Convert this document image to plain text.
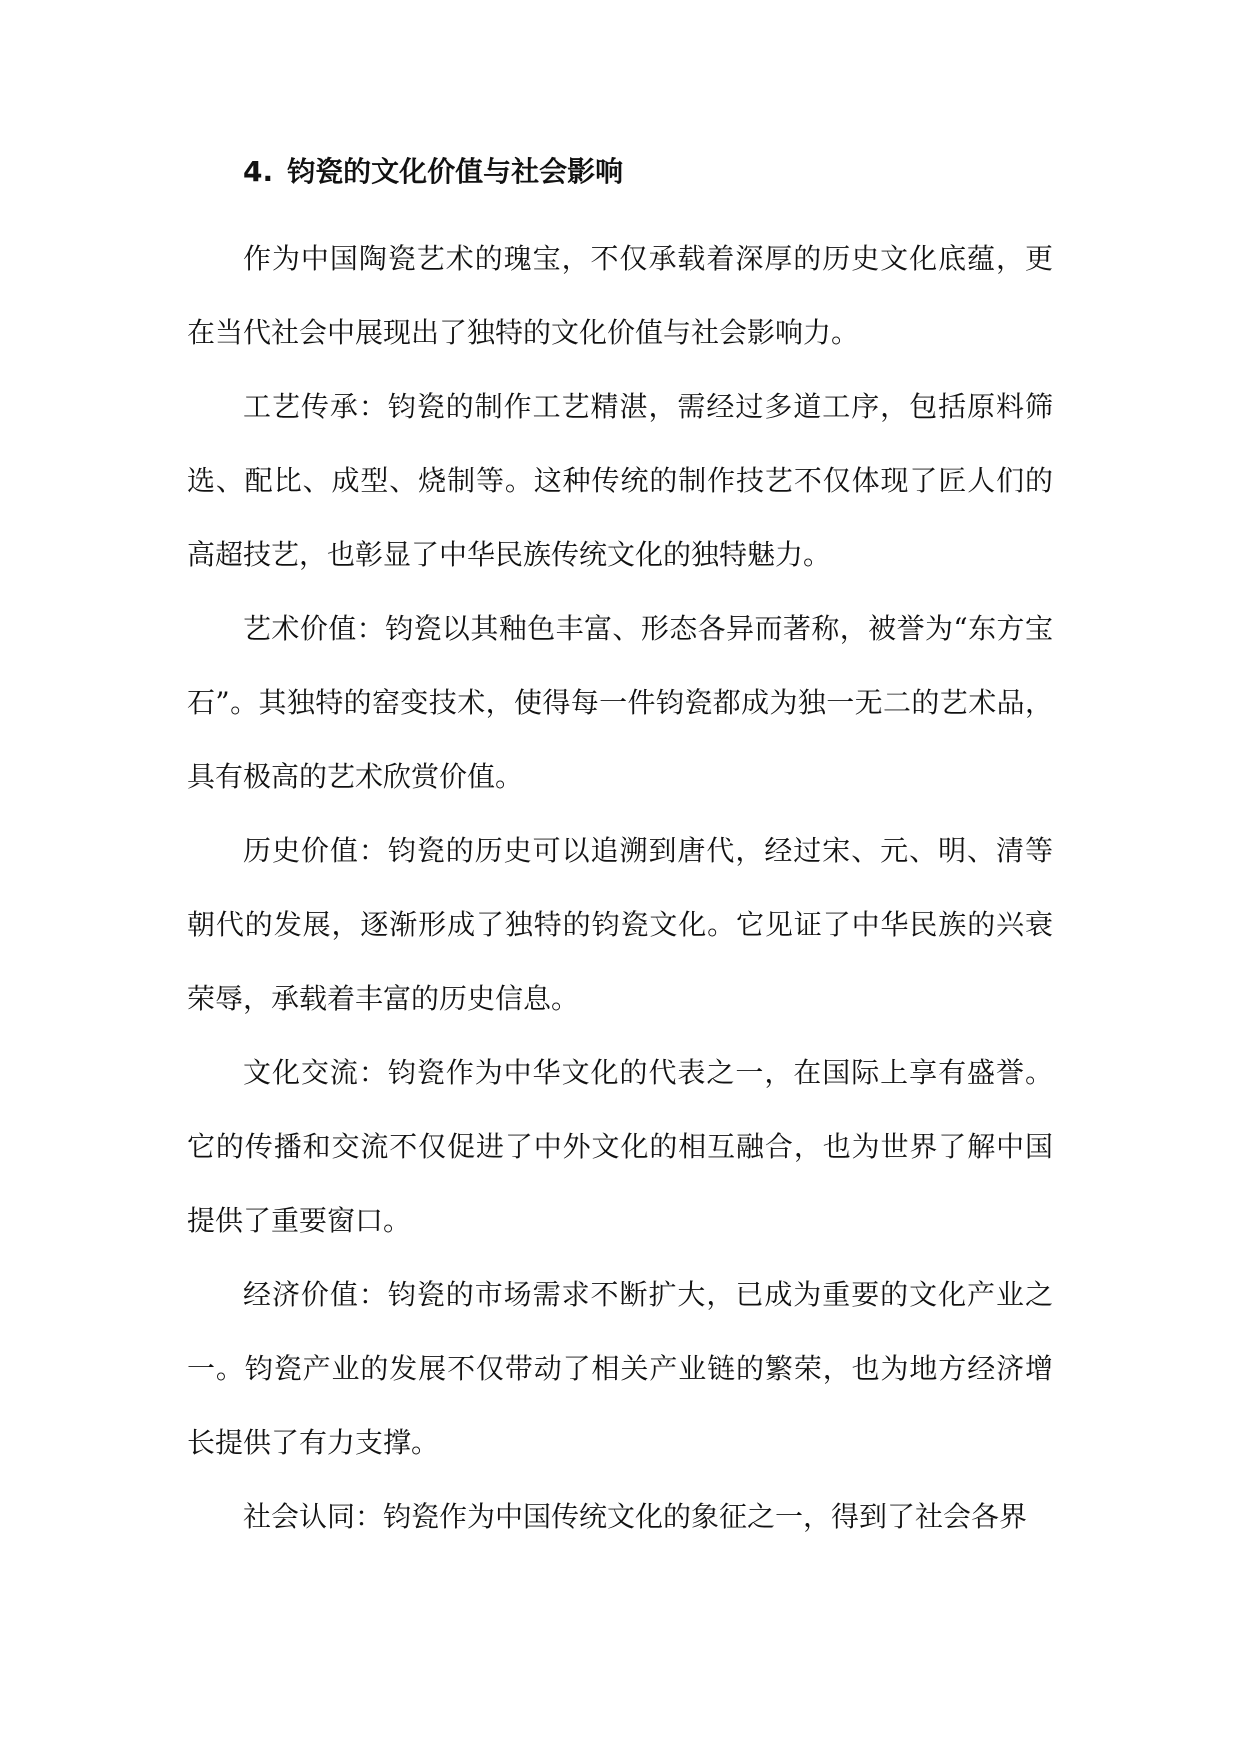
4. 钧瓷的文化价值与社会影响

作为中国陶瓷艺术的瑰宝，不仅承载着深厚的历史文化底蕴，更在当代社会中展现出了独特的文化价值与社会影响力。

工艺传承：钧瓷的制作工艺精湛，需经过多道工序，包括原料筛选、配比、成型、烧制等。这种传统的制作技艺不仅体现了匠人们的高超技艺，也彰显了中华民族传统文化的独特魅力。

艺术价值：钧瓷以其釉色丰富、形态各异而著称，被誉为“东方宝石”。其独特的窑变技术，使得每一件钧瓷都成为独一无二的艺术品，具有极高的艺术欣赏价值。

历史价值：钧瓷的历史可以追溯到唐代，经过宋、元、明、清等朝代的发展，逐渐形成了独特的钧瓷文化。它见证了中华民族的兴衰荣辱，承载着丰富的历史信息。

文化交流：钧瓷作为中华文化的代表之一，在国际上享有盛誉。它的传播和交流不仅促进了中外文化的相互融合，也为世界了解中国提供了重要窗口。

经济价值：钧瓷的市场需求不断扩大，已成为重要的文化产业之一。钧瓷产业的发展不仅带动了相关产业链的繁荣，也为地方经济增长提供了有力支撑。

社会认同：钧瓷作为中国传统文化的象征之一，得到了社会各界
